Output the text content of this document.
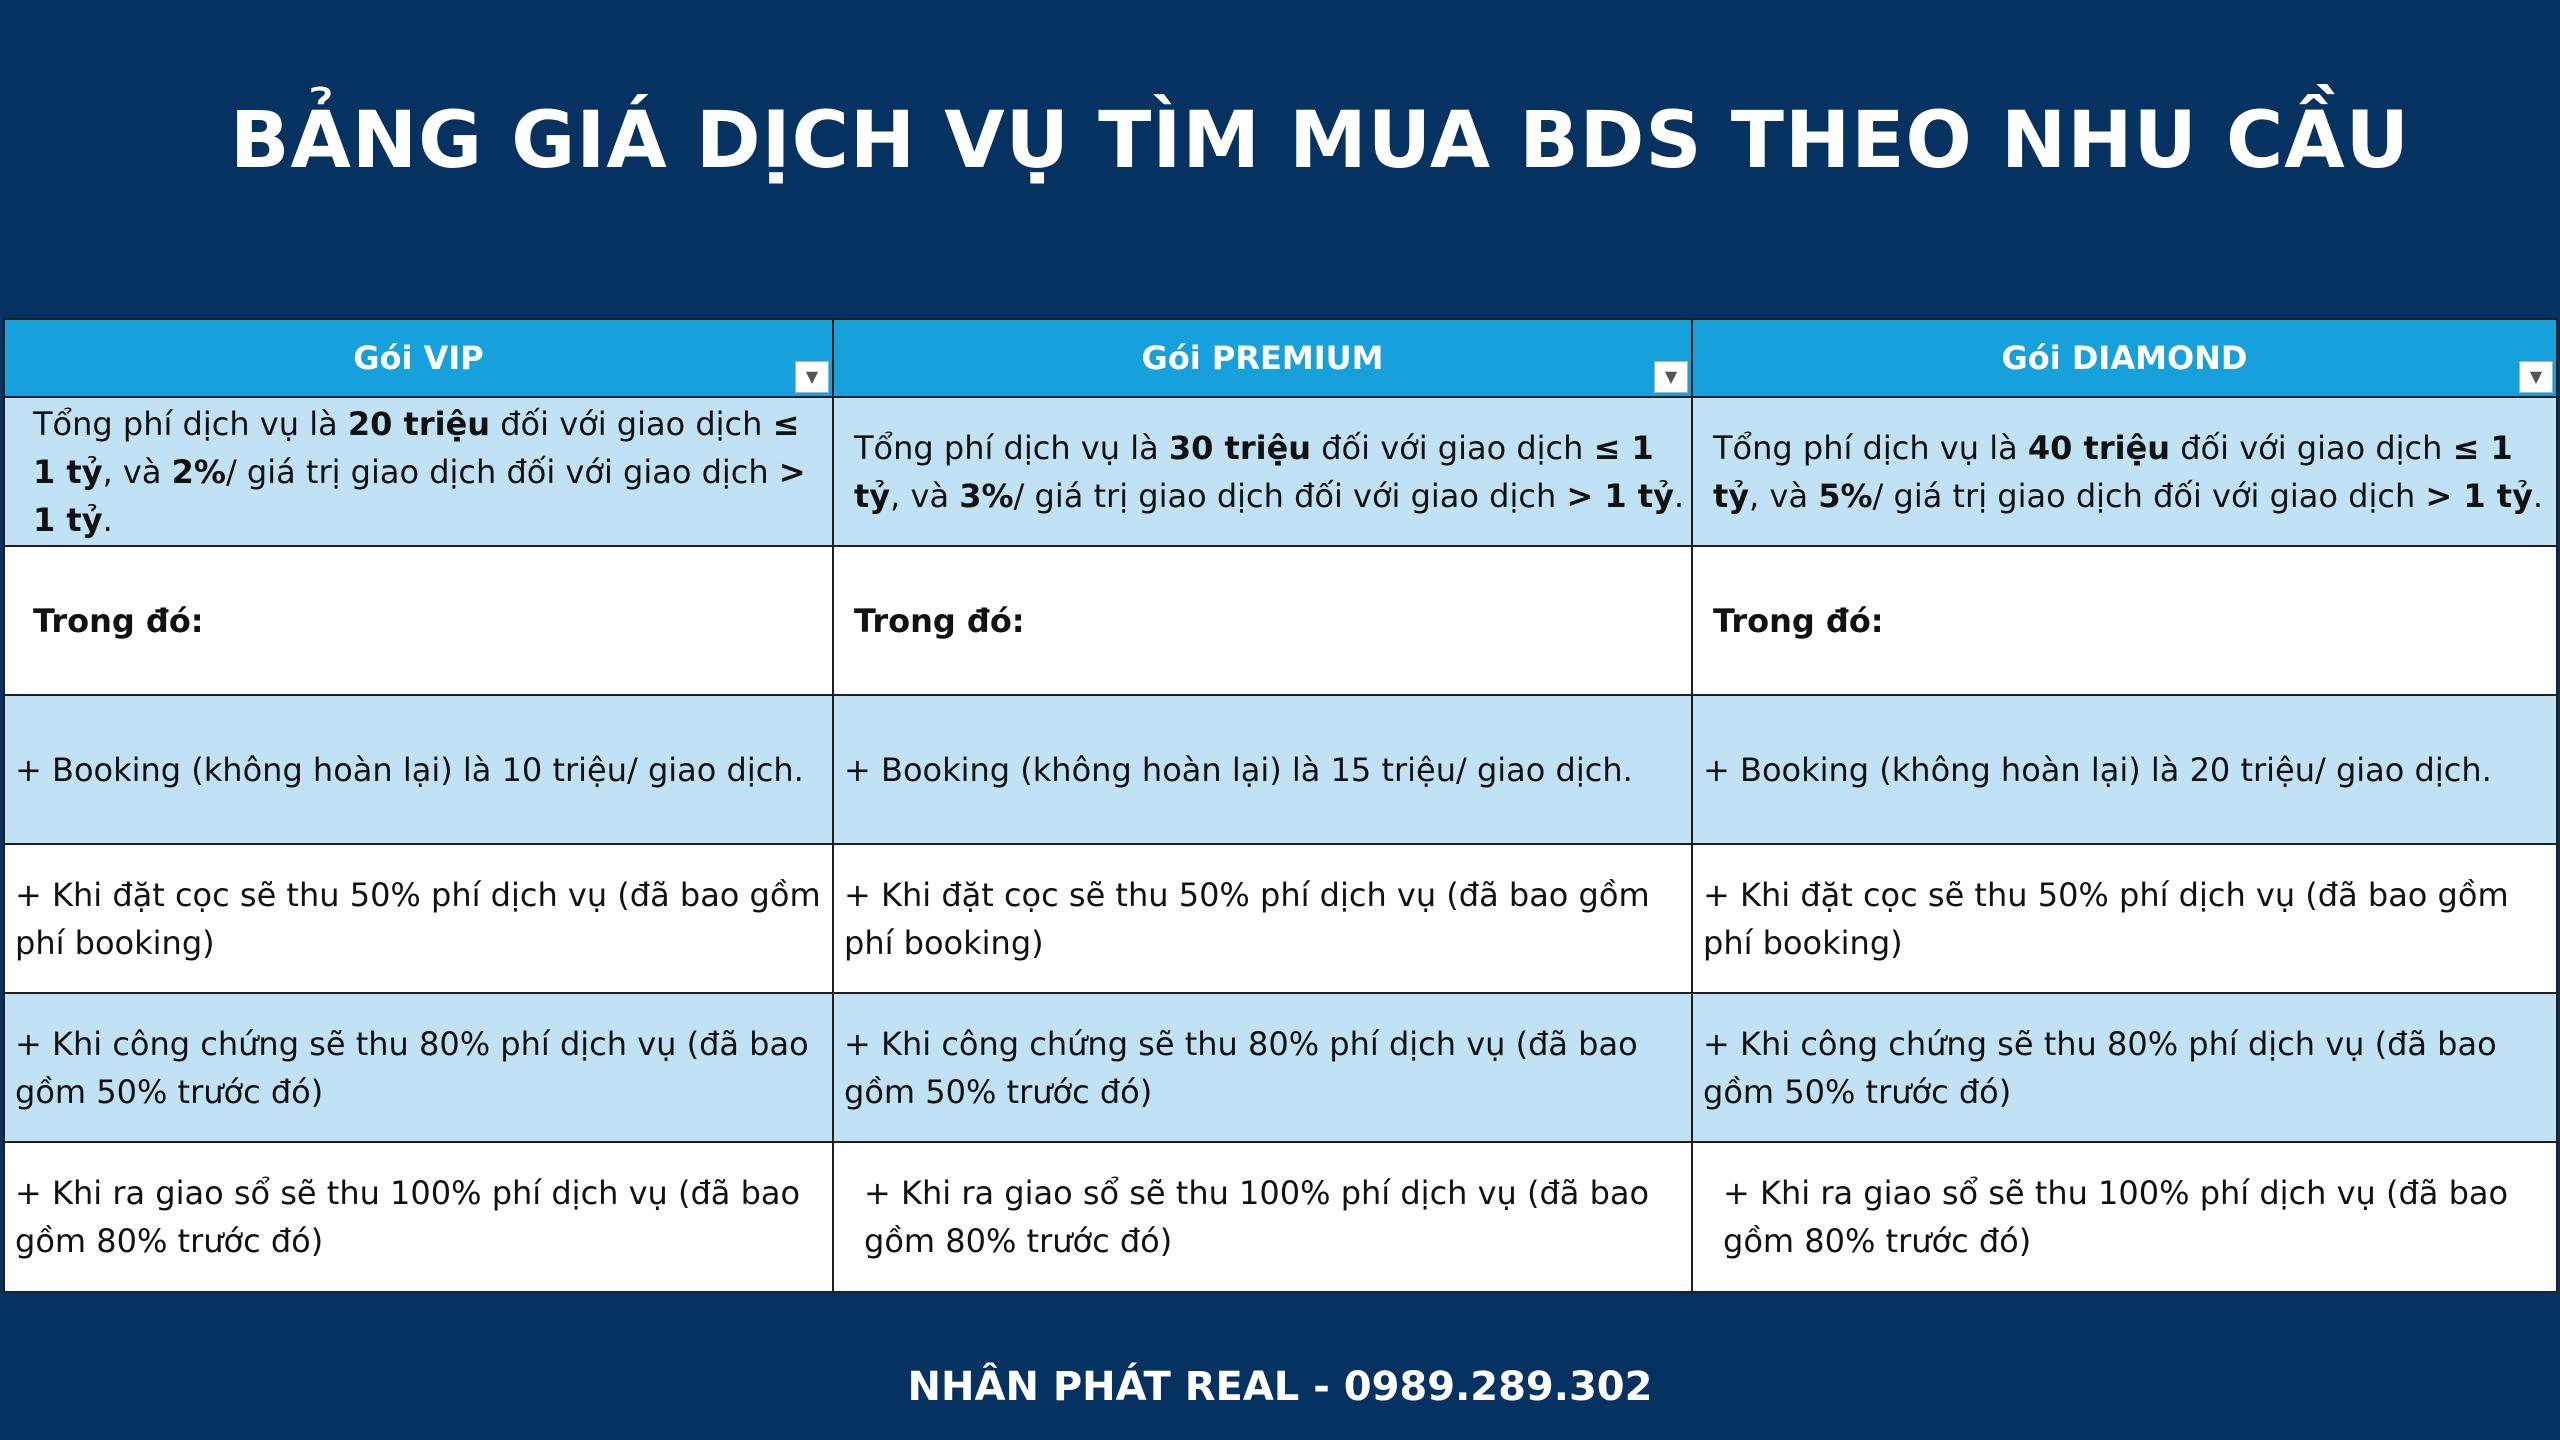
BẢNG GIÁ DỊCH VỤ TÌM MUA BDS THEO NHU CẦU
Gói VIP ▼	Gói PREMIUM ▼	Gói DIAMOND ▼

Tổng phí dịch vụ là 20 triệu đối với giao dịch ≤ 1 tỷ, và 2%/ giá trị giao dịch đối với giao dịch > 1 tỷ.	Tổng phí dịch vụ là 30 triệu đối với giao dịch ≤ 1 tỷ, và 3%/ giá trị giao dịch đối với giao dịch > 1 tỷ.	Tổng phí dịch vụ là 40 triệu đối với giao dịch ≤ 1 tỷ, và 5%/ giá trị giao dịch đối với giao dịch > 1 tỷ.
Trong đó:	Trong đó:	Trong đó:
+ Booking (không hoàn lại) là 10 triệu/ giao dịch.	+ Booking (không hoàn lại) là 15 triệu/ giao dịch.	+ Booking (không hoàn lại) là 20 triệu/ giao dịch.
+ Khi đặt cọc sẽ thu 50% phí dịch vụ (đã bao gồm phí booking)	+ Khi đặt cọc sẽ thu 50% phí dịch vụ (đã bao gồm phí booking)	+ Khi đặt cọc sẽ thu 50% phí dịch vụ (đã bao gồm phí booking)
+ Khi công chứng sẽ thu 80% phí dịch vụ (đã bao gồm 50% trước đó)	+ Khi công chứng sẽ thu 80% phí dịch vụ (đã bao gồm 50% trước đó)	+ Khi công chứng sẽ thu 80% phí dịch vụ (đã bao gồm 50% trước đó)
+ Khi ra giao sổ sẽ thu 100% phí dịch vụ (đã bao gồm 80% trước đó)	+ Khi ra giao sổ sẽ thu 100% phí dịch vụ (đã bao gồm 80% trước đó)	+ Khi ra giao sổ sẽ thu 100% phí dịch vụ (đã bao gồm 80% trước đó)
NHÂN PHÁT REAL - 0989.289.302
